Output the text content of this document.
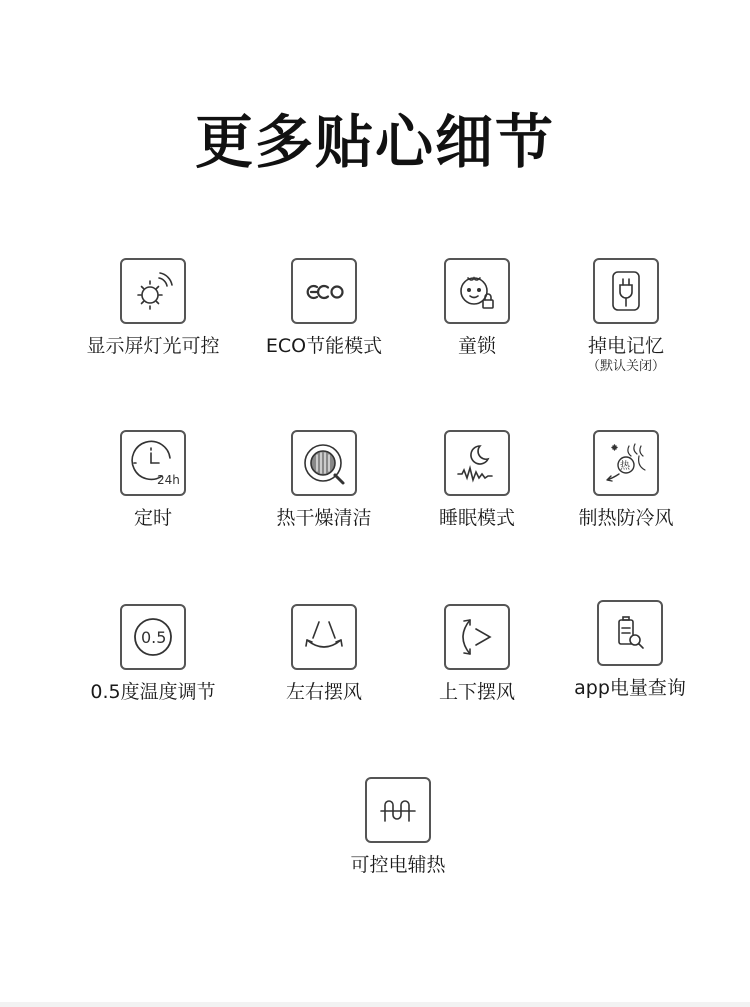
更多贴心细节
显示屏灯光可控	ECO节能模式	童锁	掉电记忆
（默认关闭）
24h
定时	热干燥清洁	睡眠模式
热
制热防冷风
0.5
0.5度温度调节	左右摆风	上下摆风	app电量查询
可控电辅热
